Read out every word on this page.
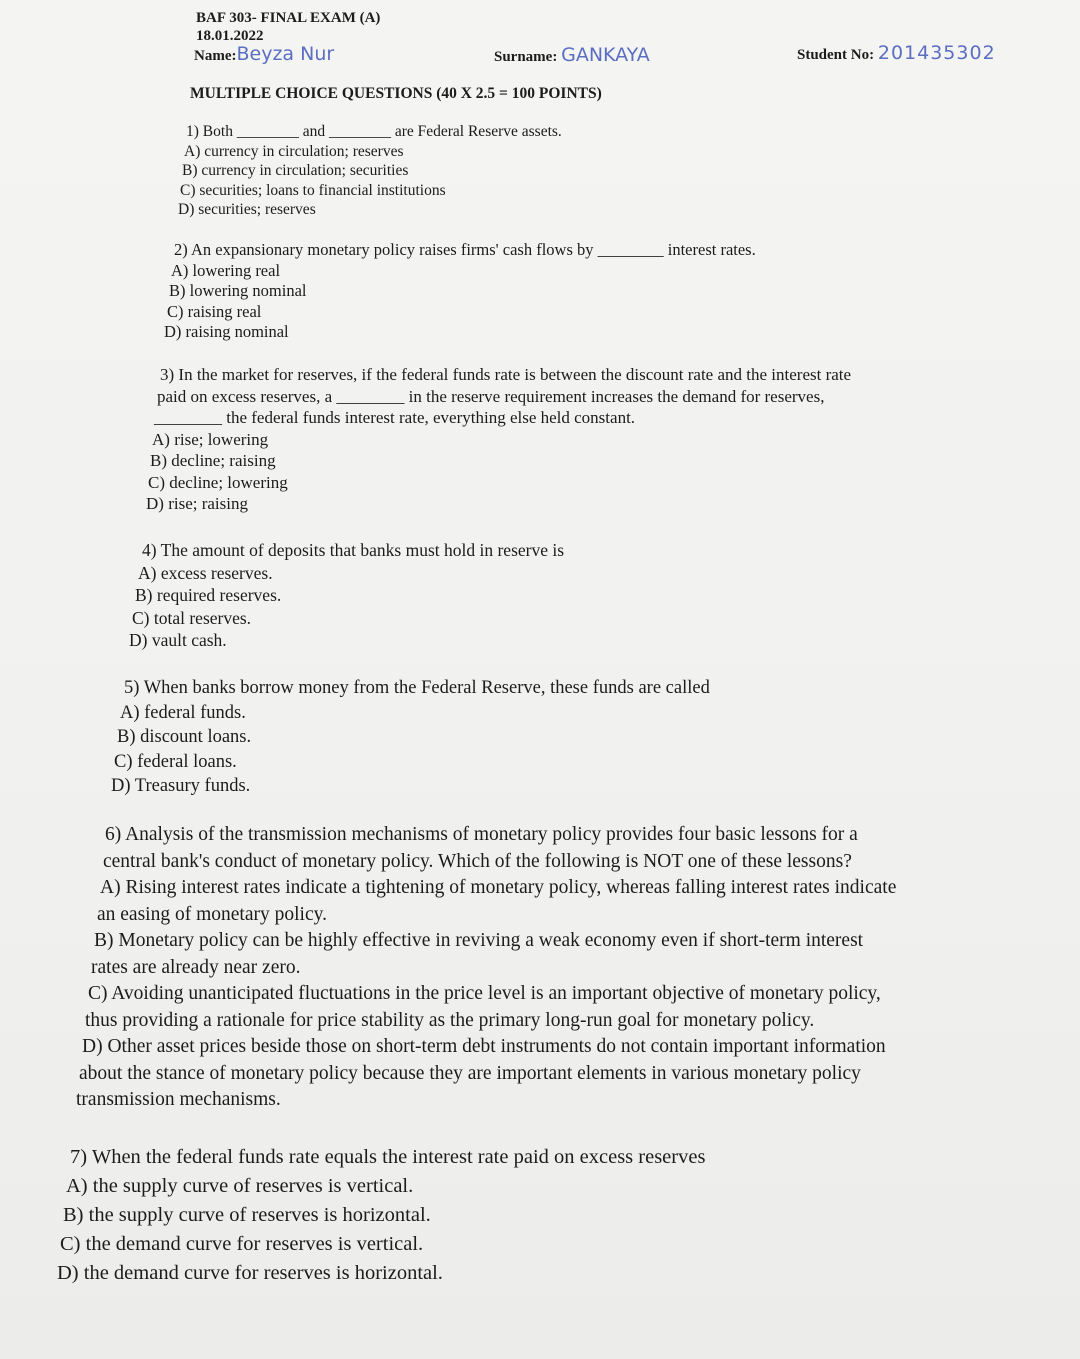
BAF 303- FINAL EXAM (A)
18.01.2022
Name:Beyza Nur	Surname: GANKAYA	Student No: 201435302
MULTIPLE CHOICE QUESTIONS (40 X 2.5 = 100 POINTS)
1) Both ________ and ________ are Federal Reserve assets.
A) currency in circulation; reserves
B) currency in circulation; securities
C) securities; loans to financial institutions
D) securities; reserves
2) An expansionary monetary policy raises firms' cash flows by ________ interest rates.
A) lowering real
B) lowering nominal
C) raising real
D) raising nominal
3) In the market for reserves, if the federal funds rate is between the discount rate and the interest rate
paid on excess reserves, a ________ in the reserve requirement increases the demand for reserves,
________ the federal funds interest rate, everything else held constant.
A) rise; lowering
B) decline; raising
C) decline; lowering
D) rise; raising
4) The amount of deposits that banks must hold in reserve is
A) excess reserves.
B) required reserves.
C) total reserves.
D) vault cash.
5) When banks borrow money from the Federal Reserve, these funds are called
A) federal funds.
B) discount loans.
C) federal loans.
D) Treasury funds.
6) Analysis of the transmission mechanisms of monetary policy provides four basic lessons for a
central bank's conduct of monetary policy. Which of the following is NOT one of these lessons?
A) Rising interest rates indicate a tightening of monetary policy, whereas falling interest rates indicate
an easing of monetary policy.
B) Monetary policy can be highly effective in reviving a weak economy even if short-term interest
rates are already near zero.
C) Avoiding unanticipated fluctuations in the price level is an important objective of monetary policy,
thus providing a rationale for price stability as the primary long-run goal for monetary policy.
D) Other asset prices beside those on short-term debt instruments do not contain important information
about the stance of monetary policy because they are important elements in various monetary policy
transmission mechanisms.
7) When the federal funds rate equals the interest rate paid on excess reserves
A) the supply curve of reserves is vertical.
B) the supply curve of reserves is horizontal.
C) the demand curve for reserves is vertical.
D) the demand curve for reserves is horizontal.
